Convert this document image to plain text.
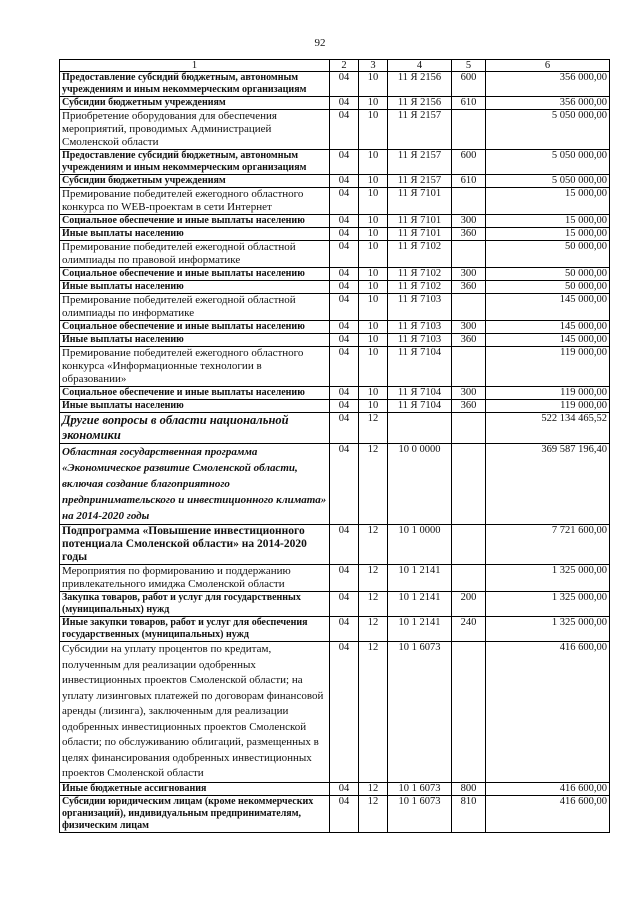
92
1	2	3	4	5	6
Предоставление субсидий бюджетным, автономным учреждениям и иным некоммерческим организациям	04	10	11 Я 2156	600	356 000,00
Субсидии бюджетным учреждениям	04	10	11 Я 2156	610	356 000,00
Приобретение оборудования для обеспечения мероприятий, проводимых Администрацией Смоленской области	04	10	11 Я 2157		5 050 000,00
Предоставление субсидий бюджетным, автономным учреждениям и иным некоммерческим организациям	04	10	11 Я 2157	600	5 050 000,00
Субсидии бюджетным учреждениям	04	10	11 Я 2157	610	5 050 000,00
Премирование победителей ежегодного областного конкурса по WEB-проектам в сети Интернет	04	10	11 Я 7101		15 000,00
Социальное обеспечение и иные выплаты населению	04	10	11 Я 7101	300	15 000,00
Иные выплаты населению	04	10	11 Я 7101	360	15 000,00
Премирование победителей ежегодной областной олимпиады по правовой информатике	04	10	11 Я 7102		50 000,00
Социальное обеспечение и иные выплаты населению	04	10	11 Я 7102	300	50 000,00
Иные выплаты населению	04	10	11 Я 7102	360	50 000,00
Премирование победителей ежегодной областной олимпиады по информатике	04	10	11 Я 7103		145 000,00
Социальное обеспечение и иные выплаты населению	04	10	11 Я 7103	300	145 000,00
Иные выплаты населению	04	10	11 Я 7103	360	145 000,00
Премирование победителей ежегодного областного конкурса «Информационные технологии в образовании»	04	10	11 Я 7104		119 000,00
Социальное обеспечение и иные выплаты населению	04	10	11 Я 7104	300	119 000,00
Иные выплаты населению	04	10	11 Я 7104	360	119 000,00
Другие вопросы в области национальной экономики	04	12			522 134 465,52
Областная государственная программа «Экономическое развитие Смоленской области, включая создание благоприятного предпринимательского и инвестиционного климата» на 2014-2020 годы	04	12	10 0 0000		369 587 196,40
Подпрограмма «Повышение инвестиционного потенциала Смоленской области» на 2014-2020 годы	04	12	10 1 0000		7 721 600,00
Мероприятия по формированию и поддержанию привлекательного имиджа Смоленской области	04	12	10 1 2141		1 325 000,00
Закупка товаров, работ и услуг для государственных (муниципальных) нужд	04	12	10 1 2141	200	1 325 000,00
Иные закупки товаров, работ и услуг для обеспечения государственных (муниципальных) нужд	04	12	10 1 2141	240	1 325 000,00
Субсидии на уплату процентов по кредитам, полученным для реализации одобренных инвестиционных проектов Смоленской области; на уплату лизинговых платежей по договорам финансовой аренды (лизинга), заключенным для реализации одобренных инвестиционных проектов Смоленской области; по обслуживанию облигаций, размещенных в целях финансирования одобренных инвестиционных проектов Смоленской области	04	12	10 1 6073		416 600,00
Иные бюджетные ассигнования	04	12	10 1 6073	800	416 600,00
Субсидии юридическим лицам (кроме некоммерческих организаций), индивидуальным предпринимателям, физическим лицам	04	12	10 1 6073	810	416 600,00
